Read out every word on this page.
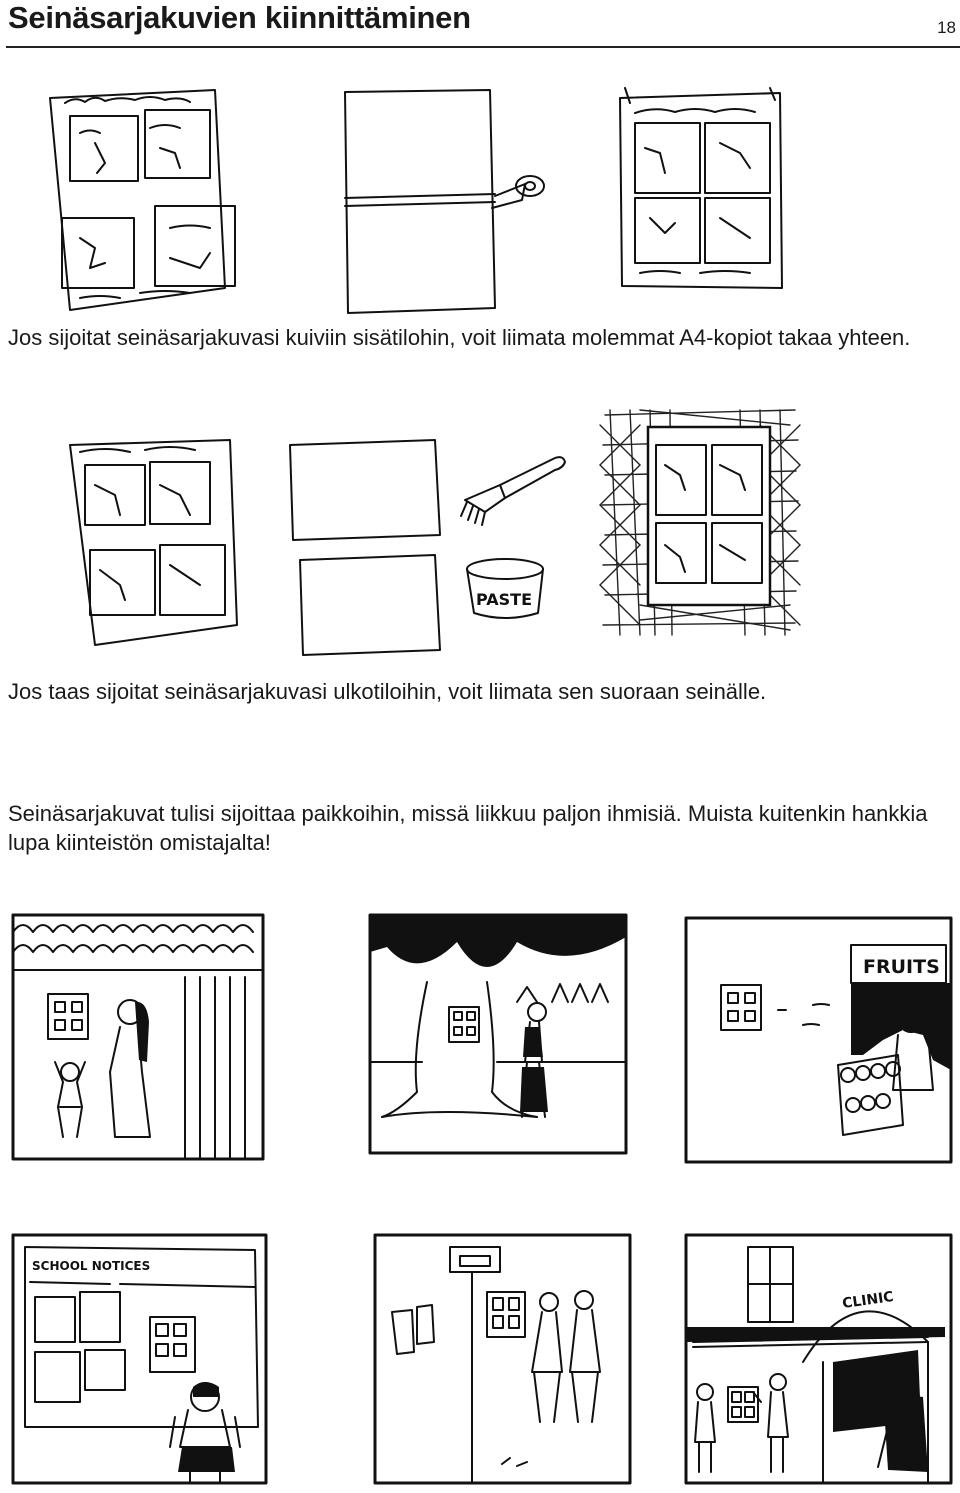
Seinäsarjakuvien kiinnittäminen	18
Jos sijoitat seinäsarjakuvasi kuiviin sisätilohin, voit liimata molemmat A4-kopiot takaa yhteen.
PASTE
Jos taas sijoitat seinäsarjakuvasi ulkotiloihin, voit liimata sen suoraan seinälle.
Seinäsarjakuvat tulisi sijoittaa paikkoihin, missä liikkuu paljon ihmisiä. Muista kuitenkin hankkia lupa kiinteistön omistajalta!
FRUITS
SCHOOL NOTICES
CLINIC
